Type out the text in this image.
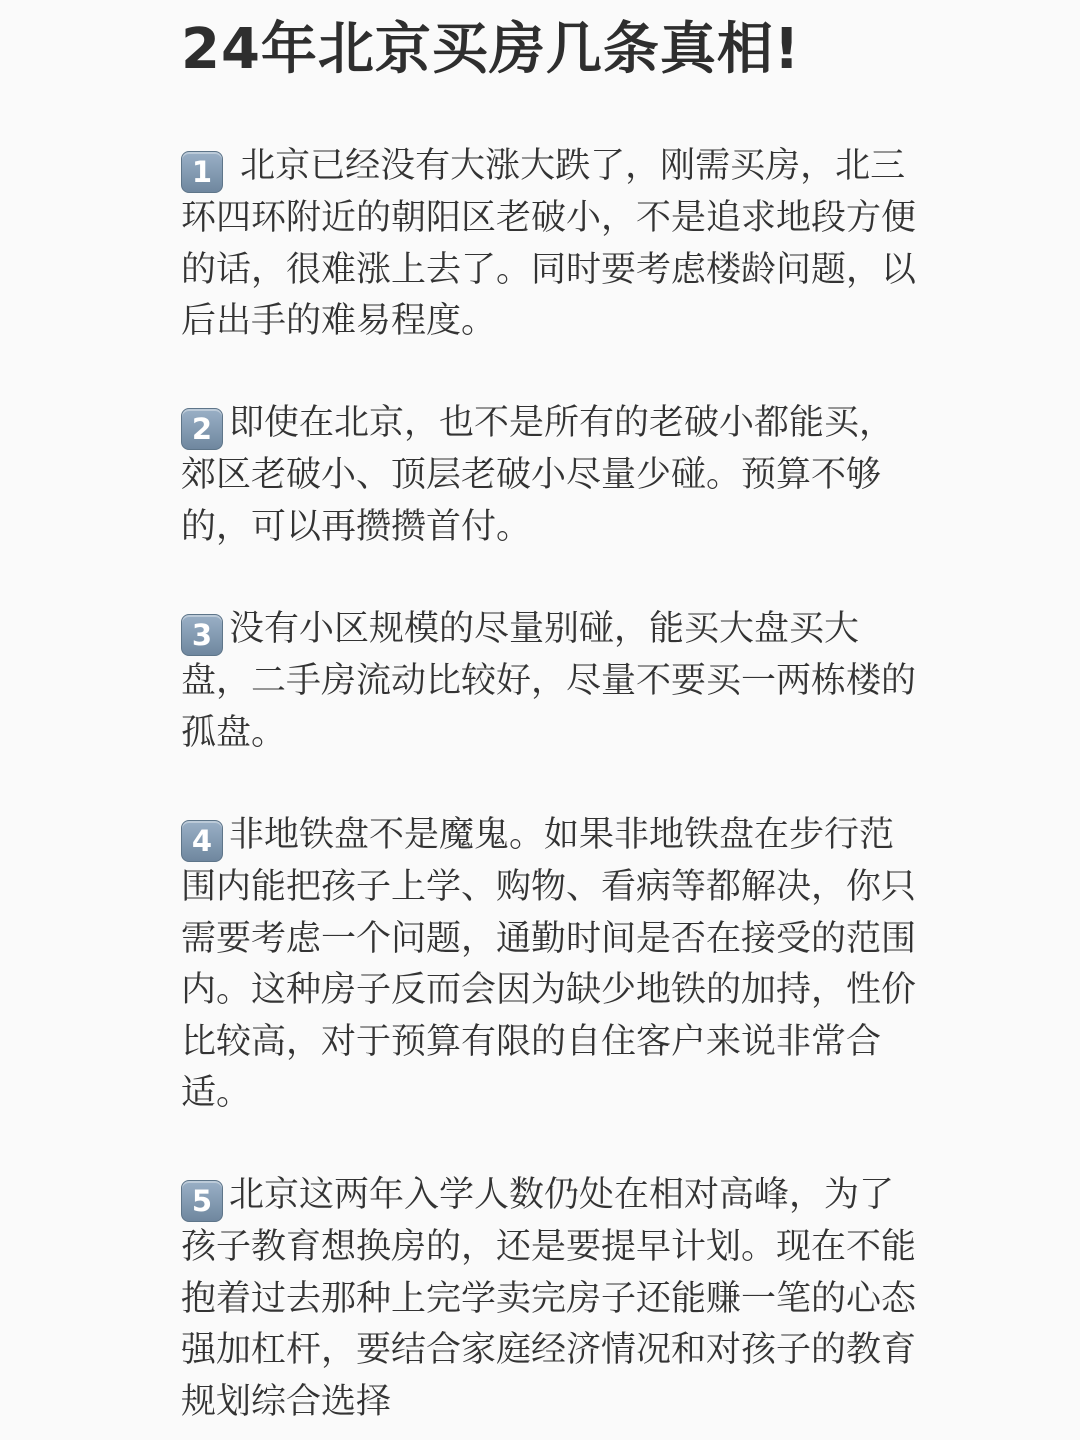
24年北京买房几条真相!

1 北京已经没有大涨大跌了，刚需买房，北三环四环附近的朝阳区老破小，不是追求地段方便的话，很难涨上去了。同时要考虑楼龄问题，以后出手的难易程度。

2 即使在北京，也不是所有的老破小都能买，郊区老破小、顶层老破小尽量少碰。预算不够的，可以再攒攒首付。

3 没有小区规模的尽量别碰，能买大盘买大盘，二手房流动比较好，尽量不要买一两栋楼的孤盘。

4 非地铁盘不是魔鬼。如果非地铁盘在步行范围内能把孩子上学、购物、看病等都解决，你只需要考虑一个问题，通勤时间是否在接受的范围内。这种房子反而会因为缺少地铁的加持，性价比较高，对于预算有限的自住客户来说非常合适。

5 北京这两年入学人数仍处在相对高峰，为了孩子教育想换房的，还是要提早计划。现在不能抱着过去那种上完学卖完房子还能赚一笔的心态强加杠杆，要结合家庭经济情况和对孩子的教育规划综合选择
